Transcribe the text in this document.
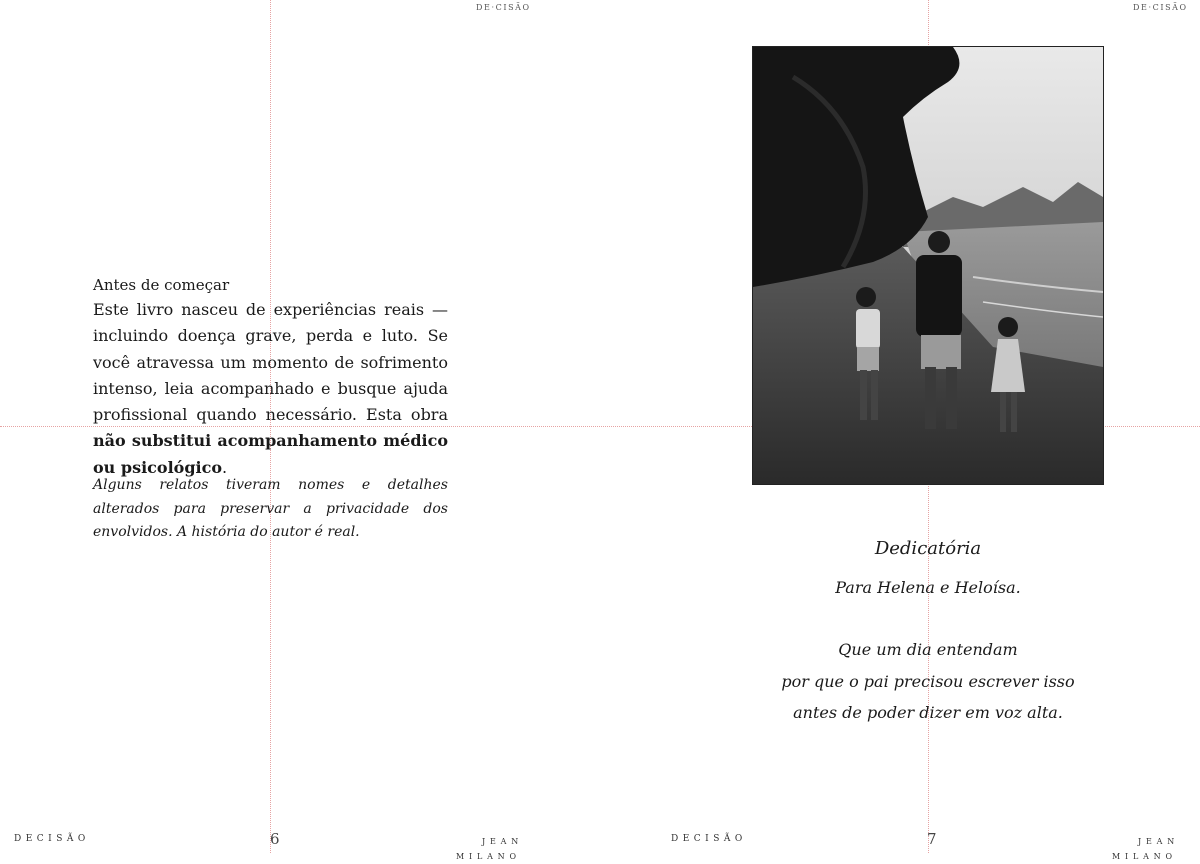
DE·CISÃO
Antes de começar
Este livro nasceu de experiências reais — incluindo doença grave, perda e luto. Se você atravessa um momento de sofrimento intenso, leia acompanhado e busque ajuda profissional quando necessário. Esta obra não substitui acompanhamento médico ou psicológico.
Alguns relatos tiveram nomes e detalhes alterados para preservar a privacidade dos envolvidos. A história do autor é real.
DECISÃO	6	JEAN
MILANO
DE·CISÃO
Dedicatória
Para Helena e Heloísa.
Que um dia entendam
por que o pai precisou escrever isso
antes de poder dizer em voz alta.
DECISÃO	7	JEAN
MILANO
